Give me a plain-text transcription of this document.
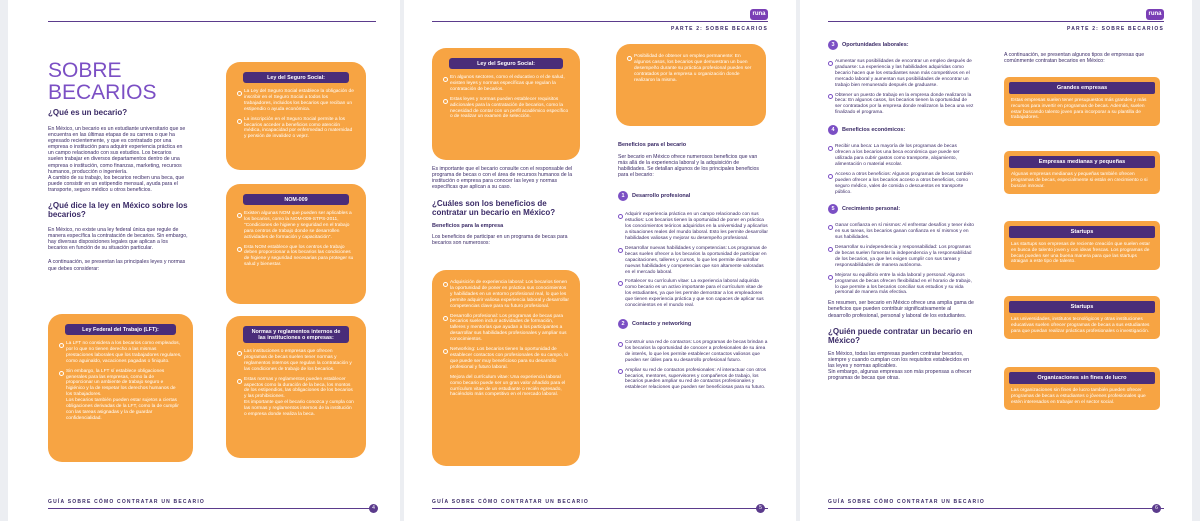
SOBRE
BECARIOS
¿Qué es un becario?
En México, un becario es un estudiante universitario que se encuentra en las últimas etapas de su carrera o que ha egresado recientemente, y que es contratado por una empresa o institución para adquirir experiencia práctica en un campo relacionado con sus estudios. Los becarios suelen trabajar en diversos departamentos dentro de una empresa o institución, como finanzas, marketing, recursos humanos, producción o ingeniería.
A cambio de su trabajo, los becarios reciben una beca, que puede consistir en un estipendio mensual, ayuda para el transporte, seguro médico u otros beneficios.
¿Qué dice la ley en México sobre los becarios?
En México, no existe una ley federal única que regule de manera específica la contratación de becarios. Sin embargo, hay diversas disposiciones legales que aplican a los becarios en función de su situación particular.
A continuación, se presentan las principales leyes y normas que debes considerar:
Ley Federal del Trabajo (LFT):
La LFT no considera a los becarios como empleados, por lo que no tienen derecho a las mismas prestaciones laborales que los trabajadores regulares, como aguinaldo, vacaciones pagadas o finiquito.
Sin embargo, la LFT sí establece obligaciones generales para las empresas, como la de proporcionar un ambiente de trabajo seguro e higiénico y la de respetar los derechos humanos de los trabajadores.
Los becarios también pueden estar sujetos a ciertas obligaciones derivadas de la LFT, como la de cumplir con las tareas asignadas y la de guardar confidencialidad.
Ley del Seguro Social:
La Ley del Seguro Social establece la obligación de inscribir en el Seguro Social a todos los trabajadores, incluidos los becarios que reciban un estipendio o ayuda económica.
La inscripción en el Seguro Social permite a los becarios acceder a beneficios como atención médica, incapacidad por enfermedad o maternidad y pensión de invalidez o vejez.
NOM-009
Existen algunas NOM que pueden ser aplicables a los becarios, como la NOM-009-STPS-2011, "Condiciones de higiene y seguridad en el trabajo para centros de trabajo donde se desarrollen actividades de formación y capacitación".
Esta NOM establece que los centros de trabajo deben proporcionar a los becarios las condiciones de higiene y seguridad necesarias para proteger su salud y bienestar.
Normas y reglamentos internos de las instituciones o empresas:
Las instituciones o empresas que ofrecen programas de becas suelen tener normas y reglamentos internos que regulan la contratación y las condiciones de trabajo de los becarios.
Estas normas y reglamentos pueden establecer aspectos como la duración de la beca, los montos de los estipendios, las obligaciones de los becarios y las prohibiciones.
Es importante que el becario conozca y cumpla con las normas y reglamentos internos de la institución o empresa donde realiza la beca.
GUÍA SOBRE CÓMO CONTRATAR UN BECARIO
4
runa
PARTE 2: SOBRE BECARIOS
Ley del Seguro Social:
En algunos sectores, como el educativo o el de salud, existen leyes y normas específicas que regulan la contratación de becarios.
Estas leyes y normas pueden establecer requisitos adicionales para la contratación de becarios, como la necesidad de contar con un perfil académico específico o de realizar un examen de selección.
Es importante que el becario consulte con el responsable del programa de becas o con el área de recursos humanos de la institución o empresa para conocer las leyes y normas específicas que aplican a su caso.
¿Cuáles son los beneficios de contratar un becario en México?
Beneficios para la empresa
Los beneficios de participar en un programa de becas para becarios son numerosos:
Adquisición de experiencia laboral: Los becarios tienen la oportunidad de poner en práctica sus conocimientos y habilidades en un entorno profesional real, lo que les permite adquirir valiosa experiencia laboral y desarrollar competencias clave para su futuro profesional.
Desarrollo profesional: Los programas de becas para becarios suelen incluir actividades de formación, talleres y mentorías que ayudan a los participantes a desarrollar sus habilidades profesionales y ampliar sus conocimientos.
Networking: Los becarios tienen la oportunidad de establecer contactos con profesionales de su campo, lo que puede ser muy beneficioso para su desarrollo profesional y futuro laboral.

Mejora del currículum vitae: Una experiencia laboral como becario puede ser un gran valor añadido para el currículum vitae de un estudiante o recién egresado, haciéndolo más competitivo en el mercado laboral.

Posibilidad de obtener un empleo permanente: En algunos casos, los becarios que demuestran un buen desempeño durante su práctica profesional pueden ser contratados por la empresa u organización donde realizaron la misma.
Beneficios para el becario
Ser becario en México ofrece numerosos beneficios que van más allá de la experiencia laboral y la adquisición de habilidades. Se detallan algunos de los principales beneficios para el becario:
1 Desarrollo profesional
Adquirir experiencia práctica en un campo relacionado con sus estudios: Los becarios tienen la oportunidad de poner en práctica los conocimientos teóricos adquiridos en la universidad y aplicarlos a situaciones reales del mundo laboral. Esto les permite desarrollar habilidades valiosas y mejorar su desempeño profesional.
Desarrollar nuevas habilidades y competencias: Los programas de becas suelen ofrecer a los becarios la oportunidad de participar en capacitaciones, talleres y cursos, lo que les permite desarrollar nuevas habilidades y competencias que son altamente valoradas en el mercado laboral.
Fortalecer su currículum vitae: La experiencia laboral adquirida como becario es un activo importante para el currículum vitae de los estudiantes, ya que les permite demostrar a los empleadores que tienen experiencia práctica y que son capaces de aplicar sus conocimientos en el mundo real.
2 Contacto y networking
Construir una red de contactos: Los programas de becas brindan a los becarios la oportunidad de conocer a profesionales de su área de interés, lo que les permite establecer contactos valiosos que pueden ser útiles para su desarrollo profesional futuro.
Ampliar su red de contactos profesionales: Al interactuar con otros becarios, mentores, supervisores y compañeros de trabajo, los becarios pueden ampliar su red de contactos profesionales y establecer relaciones que pueden ser beneficiosas para su futuro.
GUÍA SOBRE CÓMO CONTRATAR UN BECARIO
5
runa
PARTE 2: SOBRE BECARIOS
3 Oportunidades laborales:
Aumentar sus posibilidades de encontrar un empleo después de graduarse: La experiencia y las habilidades adquiridas como becario hacen que los estudiantes sean más competitivos en el mercado laboral y aumentan sus posibilidades de encontrar un trabajo bien remunerado después de graduarse.
Obtener un puesto de trabajo en la empresa donde realizaron la beca: En algunos casos, los becarios tienen la oportunidad de ser contratados por la empresa donde realizaron la beca una vez finalizado el programa.
4 Beneficios económicos:
Recibir una beca: La mayoría de los programas de becas ofrecen a los becarios una beca económica que puede ser utilizada para cubrir gastos como transporte, alojamiento, alimentación o material escolar.
Acceso a otros beneficios: Algunos programas de becas también pueden ofrecer a los becarios acceso a otros beneficios, como seguro médico, vales de comida o descuentos en transporte público.
5 Crecimiento personal:
Ganar confianza en sí mismos: Al enfrentar desafíos y tener éxito en sus tareas, los becarios ganan confianza en sí mismos y en sus habilidades.
Desarrollar su independencia y responsabilidad: Los programas de becas suelen fomentar la independencia y la responsabilidad de los becarios, ya que les exigen cumplir con sus tareas y responsabilidades de manera autónoma.
Mejorar su equilibrio entre la vida laboral y personal: Algunos programas de becas ofrecen flexibilidad en el horario de trabajo, lo que permite a los becarios conciliar sus estudios y su vida personal de manera más efectiva.
En resumen, ser becario en México ofrece una amplia gama de beneficios que pueden contribuir significativamente al desarrollo profesional, personal y laboral de los estudiantes.
¿Quién puede contratar un becario en México?
En México, todas las empresas pueden contratar becarios, siempre y cuando cumplan con los requisitos establecidos en las leyes y normas aplicables.
Sin embargo, algunas empresas son más propensas a ofrecer programas de becas que otras.
A continuación, se presentan algunos tipos de empresas que comúnmente contratan becarios en México:
Grandes empresas
Estas empresas suelen tener presupuestos más grandes y más recursos para invertir en programas de becas. Además, suelen estar buscando talento joven para incorporar a su plantilla de trabajadores.
Empresas medianas y pequeñas
Algunas empresas medianas y pequeñas también ofrecen programas de becas, especialmente si están en crecimiento o si buscan innovar.
Startups
Las startups son empresas de reciente creación que suelen estar en busca de talento joven y con ideas frescas. Los programas de becas pueden ser una buena manera para que las startups atraigan a este tipo de talento.
Startups
Las universidades, institutos tecnológicos y otras instituciones educativas suelen ofrecer programas de becas a sus estudiantes para que puedan realizar prácticas profesionales o investigación.
Organizaciones sin fines de lucro
Las organizaciones sin fines de lucro también pueden ofrecer programas de becas a estudiantes o jóvenes profesionales que estén interesados en trabajar en el sector social.
GUÍA SOBRE CÓMO CONTRATAR UN BECARIO
6
